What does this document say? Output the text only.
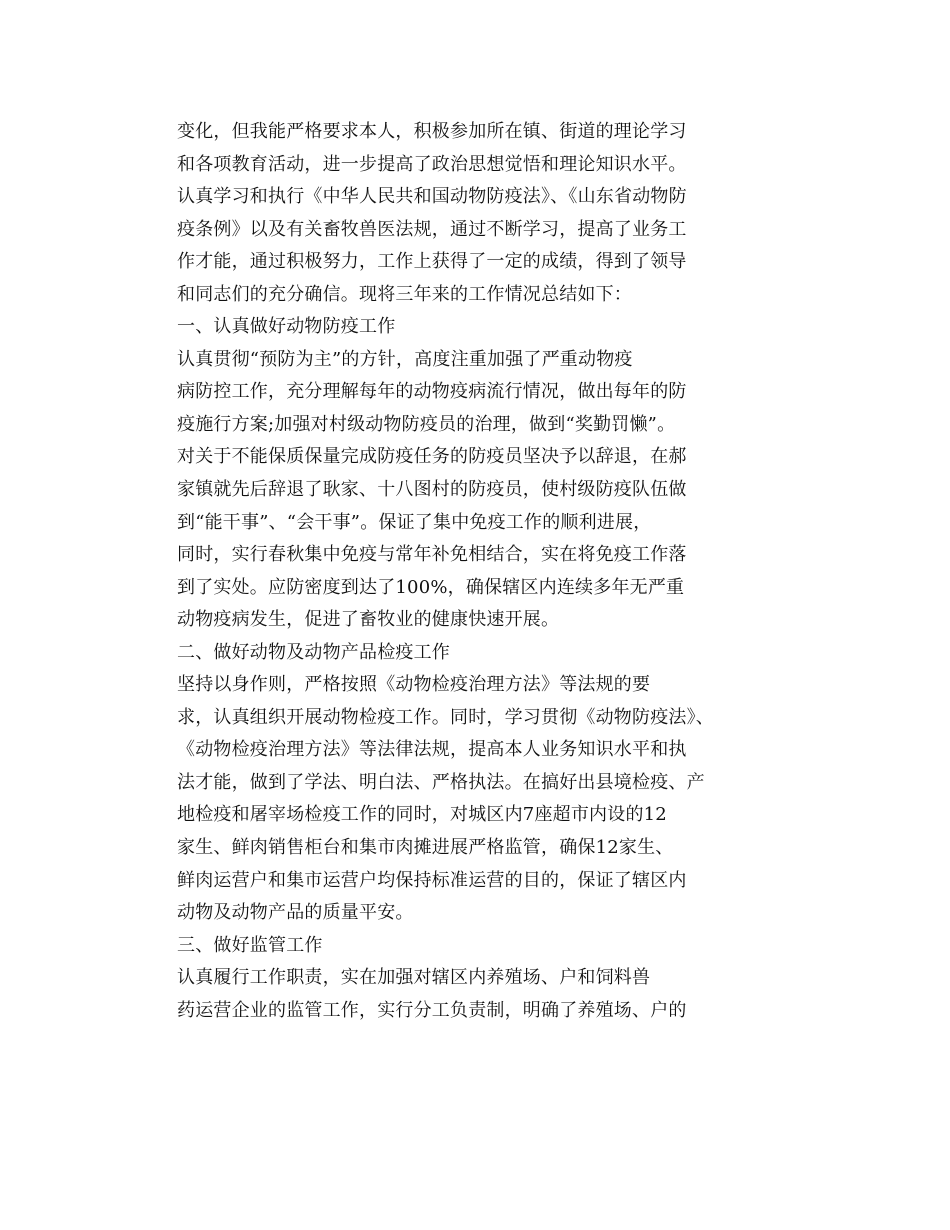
变化，但我能严格要求本人，积极参加所在镇、街道的理论学习
和各项教育活动，进一步提高了政治思想觉悟和理论知识水平。
认真学习和执行《中华人民共和国动物防疫法》、《山东省动物防
疫条例》以及有关畜牧兽医法规，通过不断学习，提高了业务工
作才能，通过积极努力，工作上获得了一定的成绩，得到了领导
和同志们的充分确信。现将三年来的工作情况总结如下：
一、认真做好动物防疫工作
认真贯彻“预防为主”的方针，高度注重加强了严重动物疫
病防控工作，充分理解每年的动物疫病流行情况，做出每年的防
疫施行方案;加强对村级动物防疫员的治理，做到“奖勤罚懒”。
对关于不能保质保量完成防疫任务的防疫员坚决予以辞退，在郝
家镇就先后辞退了耿家、十八图村的防疫员，使村级防疫队伍做
到“能干事”、“会干事”。保证了集中免疫工作的顺利进展，
同时，实行春秋集中免疫与常年补免相结合，实在将免疫工作落
到了实处。应防密度到达了100%，确保辖区内连续多年无严重
动物疫病发生，促进了畜牧业的健康快速开展。
二、做好动物及动物产品检疫工作
坚持以身作则，严格按照《动物检疫治理方法》等法规的要
求，认真组织开展动物检疫工作。同时，学习贯彻《动物防疫法》、
《动物检疫治理方法》等法律法规，提高本人业务知识水平和执
法才能，做到了学法、明白法、严格执法。在搞好出县境检疫、产
地检疫和屠宰场检疫工作的同时，对城区内7座超市内设的12
家生、鲜肉销售柜台和集市肉摊进展严格监管，确保12家生、
鲜肉运营户和集市运营户均保持标准运营的目的，保证了辖区内
动物及动物产品的质量平安。
三、做好监管工作
认真履行工作职责，实在加强对辖区内养殖场、户和饲料兽
药运营企业的监管工作，实行分工负责制，明确了养殖场、户的
